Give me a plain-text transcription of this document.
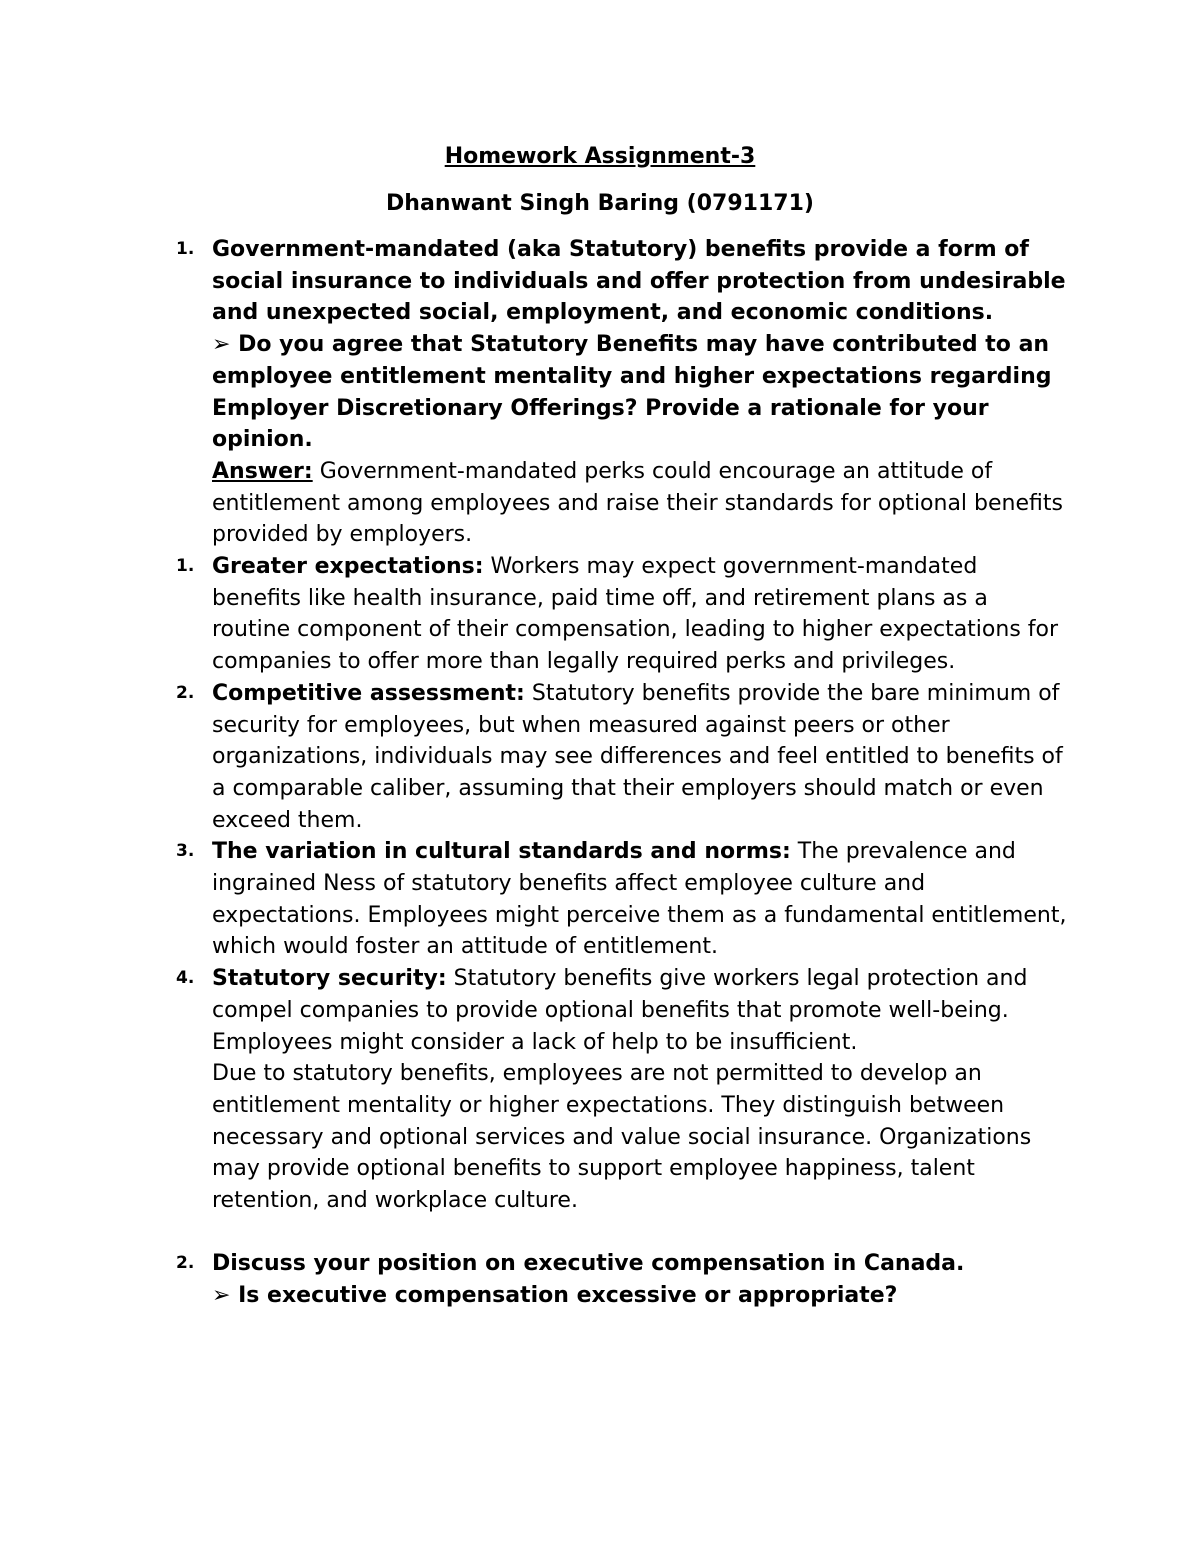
Homework Assignment-3

Dhanwant Singh Baring (0791171)

1. Government-mandated (aka Statutory) benefits provide a form of social insurance to individuals and offer protection from undesirable and unexpected social, employment, and economic conditions.

➢ Do you agree that Statutory Benefits may have contributed to an employee entitlement mentality and higher expectations regarding Employer Discretionary Offerings? Provide a rationale for your opinion.

Answer: Government-mandated perks could encourage an attitude of entitlement among employees and raise their standards for optional benefits provided by employers.

1. Greater expectations: Workers may expect government-mandated benefits like health insurance, paid time off, and retirement plans as a routine component of their compensation, leading to higher expectations for companies to offer more than legally required perks and privileges.

2. Competitive assessment: Statutory benefits provide the bare minimum of security for employees, but when measured against peers or other organizations, individuals may see differences and feel entitled to benefits of a comparable caliber, assuming that their employers should match or even exceed them.

3. The variation in cultural standards and norms: The prevalence and ingrained Ness of statutory benefits affect employee culture and expectations. Employees might perceive them as a fundamental entitlement, which would foster an attitude of entitlement.

4. Statutory security: Statutory benefits give workers legal protection and compel companies to provide optional benefits that promote well-being. Employees might consider a lack of help to be insufficient.

Due to statutory benefits, employees are not permitted to develop an entitlement mentality or higher expectations. They distinguish between necessary and optional services and value social insurance. Organizations may provide optional benefits to support employee happiness, talent retention, and workplace culture.

2. Discuss your position on executive compensation in Canada.

➢ Is executive compensation excessive or appropriate?
